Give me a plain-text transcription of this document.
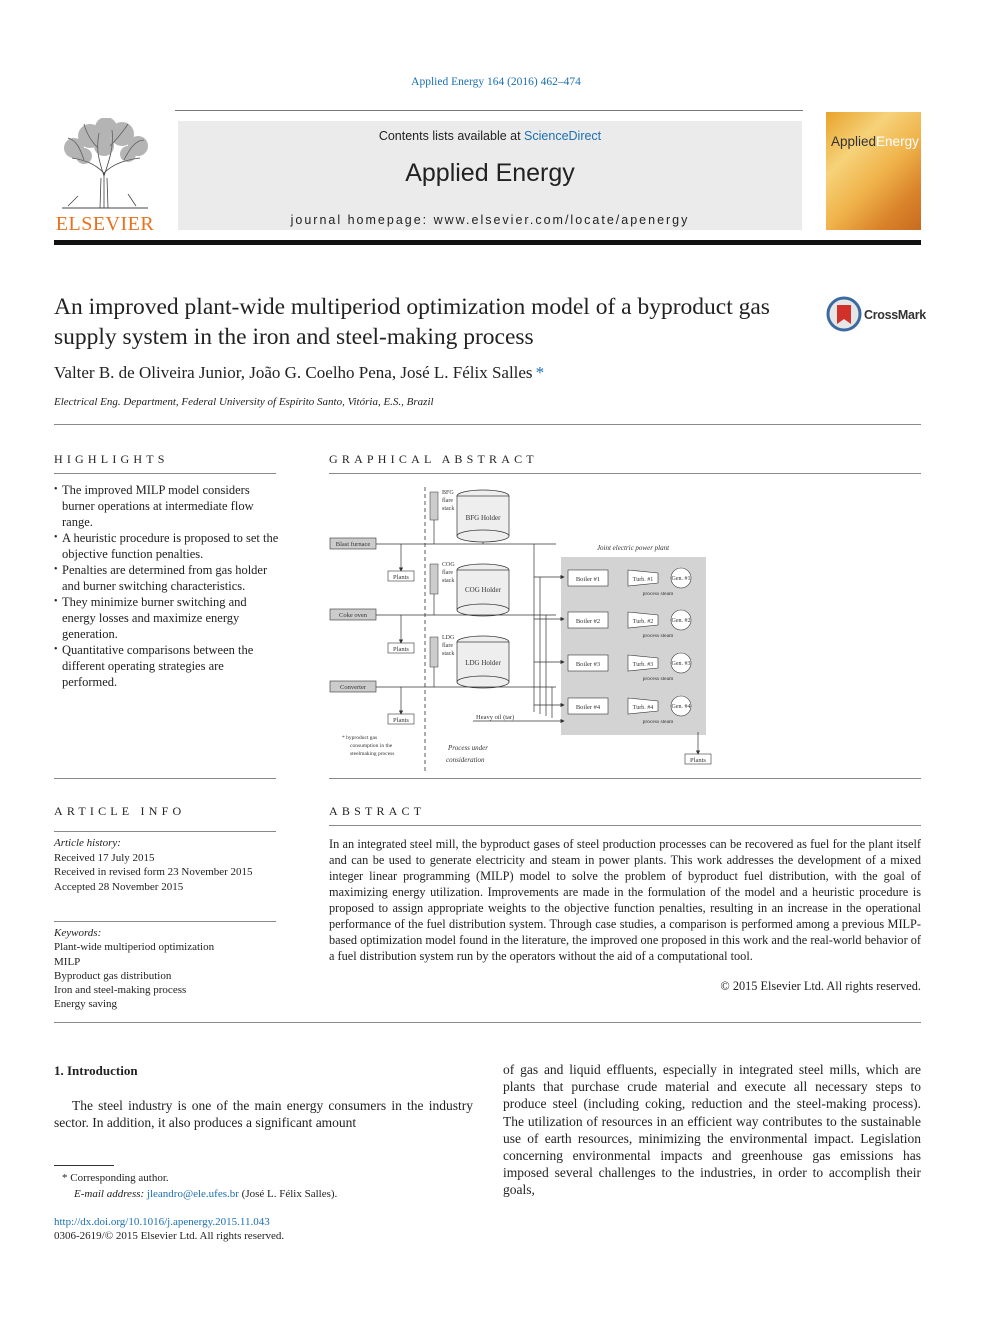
Applied Energy 164 (2016) 462–474
ELSEVIER
Contents lists available at ScienceDirect
Applied Energy
journal homepage: www.elsevier.com/locate/apenergy
AppliedEnergy
An improved plant-wide multiperiod optimization model of a byproduct gas supply system in the iron and steel-making process
CrossMark
Valter B. de Oliveira Junior, João G. Coelho Pena, José L. Félix Salles *
Electrical Eng. Department, Federal University of Espírito Santo, Vitória, E.S., Brazil
HIGHLIGHTS	GRAPHICAL ABSTRACT
• The improved MILP model considers burner operations at intermediate flow range.
• A heuristic procedure is proposed to set the objective function penalties.
• Penalties are determined from gas holder and burner switching characteristics.
• They minimize burner switching and energy losses and maximize energy generation.
• Quantitative comparisons between the different operating strategies are performed.
Joint electric power plant
BFG Holder
COG Holder
LDG Holder
BFG
flare
stack
COG
flare
stack
LDG
flare
stack
Blast furnace
Coke oven
Converter
Plants
Plants
Plants
Plants
Boiler #1	Turb. #1	Gen. #1
process steam
Boiler #2	Turb. #2	Gen. #2
process steam
Boiler #3	Turb. #3	Gen. #3
process steam
Boiler #4	Turb. #4	Gen. #4
process steam
Heavy oil (tar)
* byproduct gas
consumption in the
steelmaking process
Process under
consideration
ARTICLE INFO	ABSTRACT
Article history:
Received 17 July 2015
Received in revised form 23 November 2015
Accepted 28 November 2015
Keywords:
Plant-wide multiperiod optimization
MILP
Byproduct gas distribution
Iron and steel-making process
Energy saving
In an integrated steel mill, the byproduct gases of steel production processes can be recovered as fuel for the plant itself and can be used to generate electricity and steam in power plants. This work addresses the development of a mixed integer linear programming (MILP) model to solve the problem of byproduct fuel distribution, with the goal of maximizing energy utilization. Improvements are made in the formulation of the model and a heuristic procedure is proposed to assign appropriate weights to the objective function penalties, resulting in an increase in the operational performance of the fuel distribution system. Through case studies, a comparison is performed among a previous MILP-based optimization model found in the literature, the improved one proposed in this work and the real-world behavior of a fuel distribution system run by the operators without the aid of a computational tool.
© 2015 Elsevier Ltd. All rights reserved.
1. Introduction
The steel industry is one of the main energy consumers in the industry sector. In addition, it also produces a significant amount
of gas and liquid effluents, especially in integrated steel mills, which are plants that purchase crude material and execute all necessary steps to produce steel (including coking, reduction and the steel-making process). The utilization of resources in an efficient way contributes to the sustainable use of earth resources, minimizing the environmental impact. Legislation concerning environmental impacts and greenhouse gas emissions has imposed several challenges to the industries, in order to accomplish their goals,
* Corresponding author.
E-mail address: jleandro@ele.ufes.br (José L. Félix Salles).
http://dx.doi.org/10.1016/j.apenergy.2015.11.043
0306-2619/© 2015 Elsevier Ltd. All rights reserved.
